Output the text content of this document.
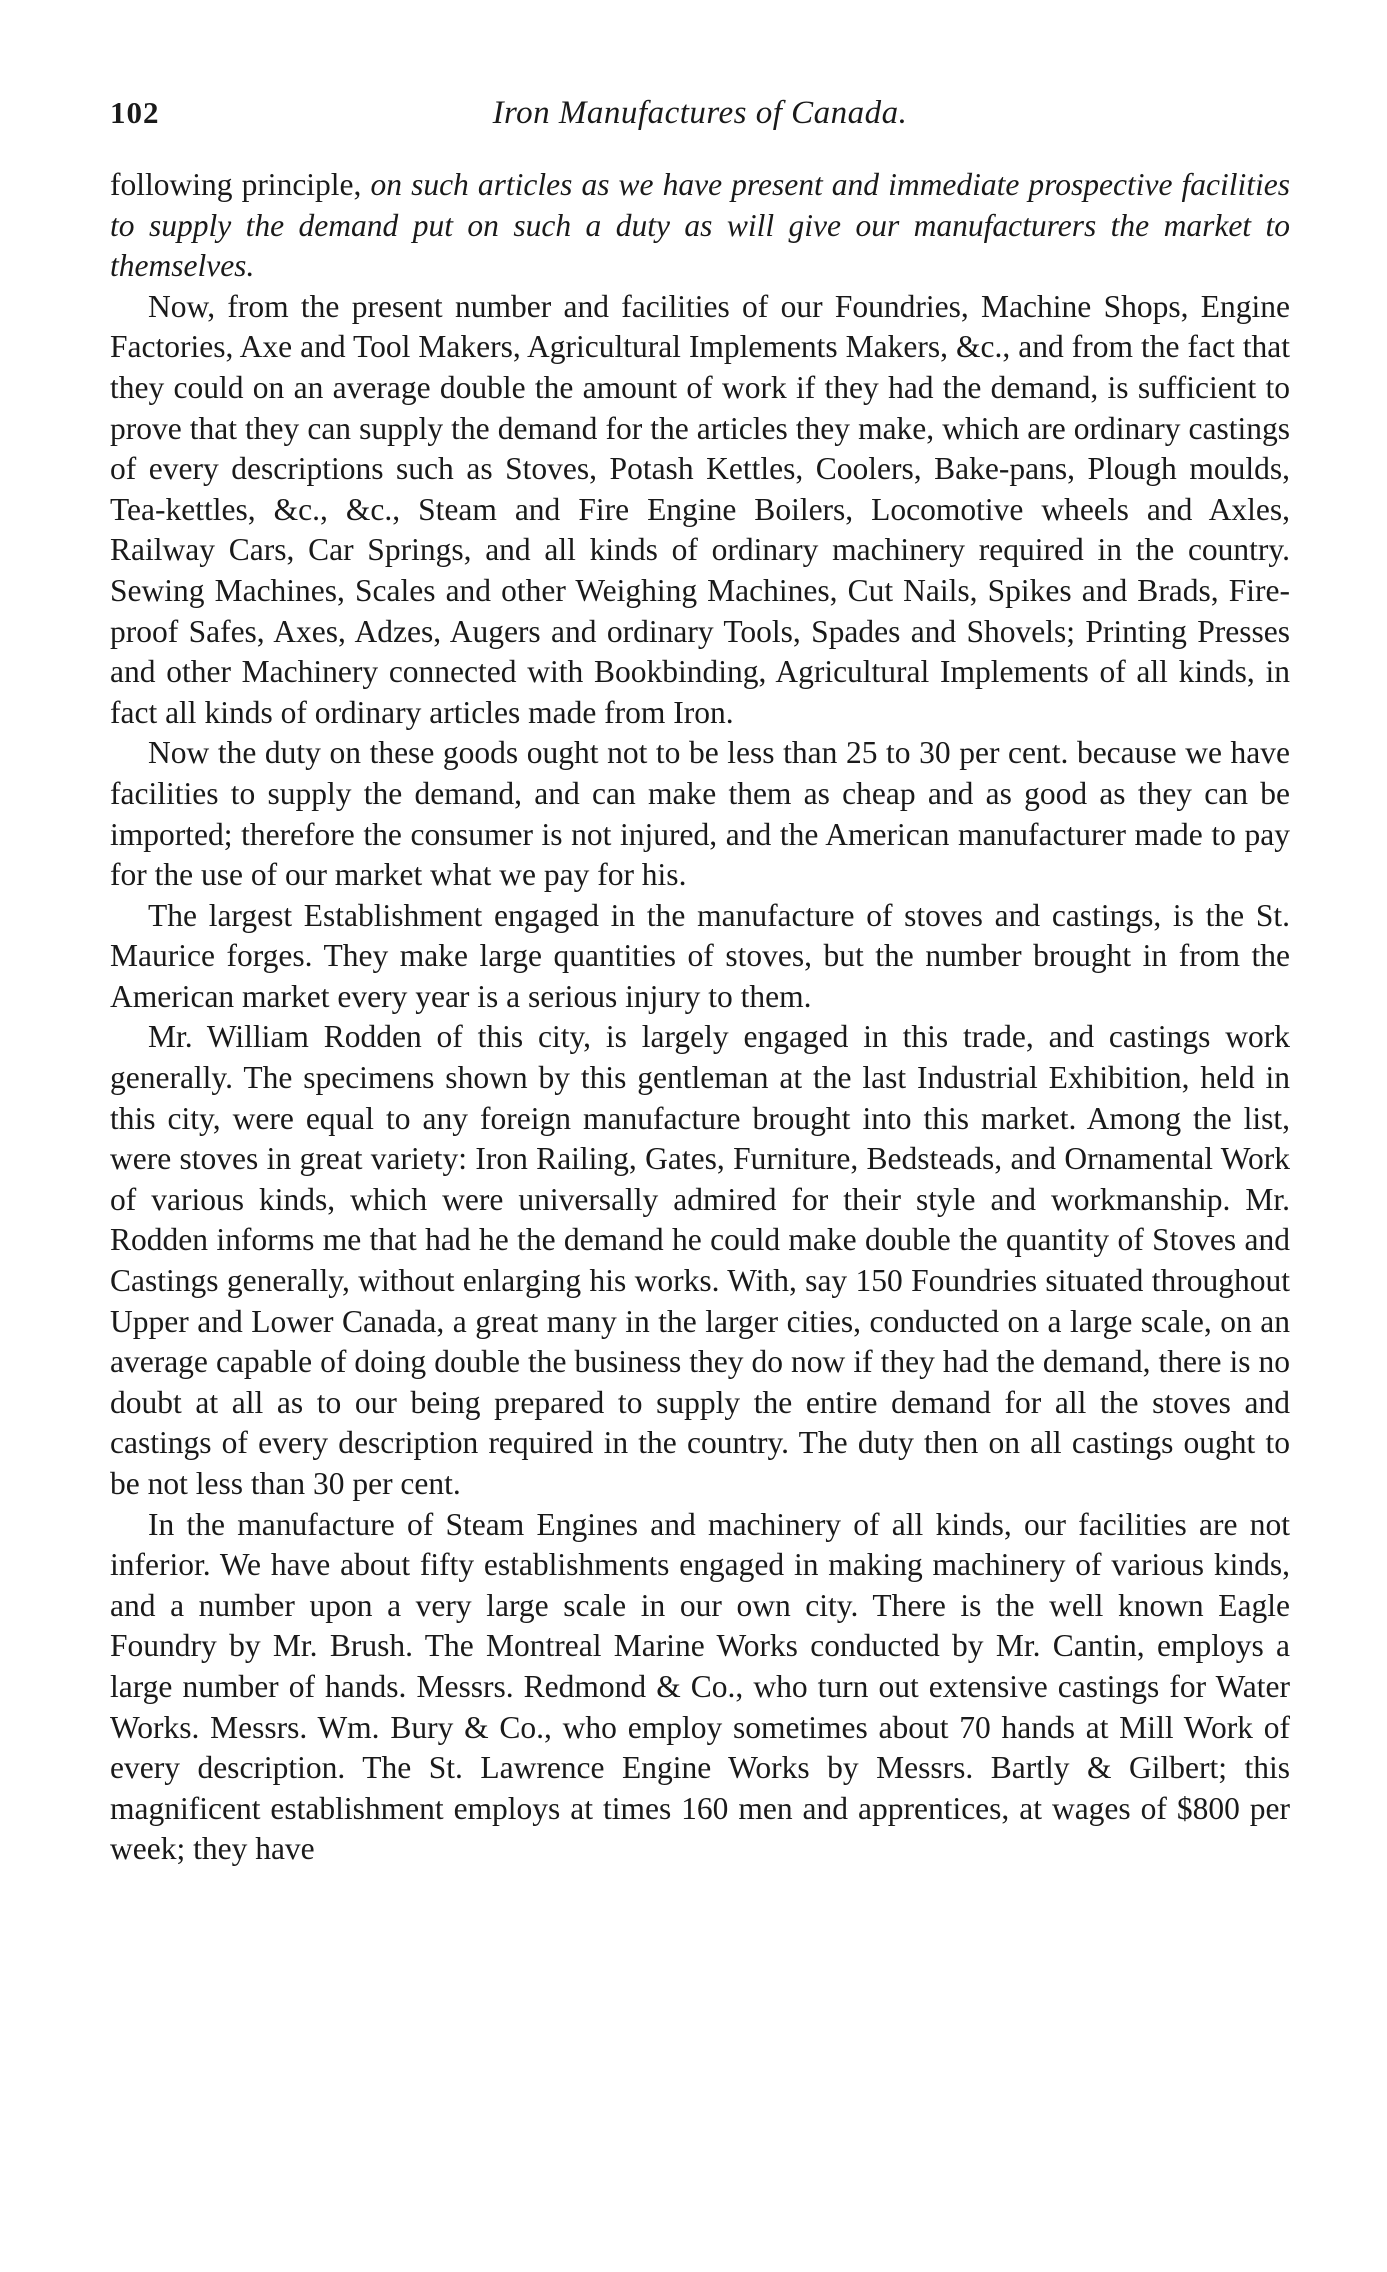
102	Iron Manufactures of Canada.

following principle, on such articles as we have present and immediate prospective facilities to supply the demand put on such a duty as will give our manufacturers the market to themselves.

Now, from the present number and facilities of our Foundries, Machine Shops, Engine Factories, Axe and Tool Makers, Agricultural Implements Makers, &c., and from the fact that they could on an average double the amount of work if they had the demand, is sufficient to prove that they can supply the demand for the articles they make, which are ordinary castings of every descriptions such as Stoves, Potash Kettles, Coolers, Bake-pans, Plough moulds, Tea-kettles, &c., &c., Steam and Fire Engine Boilers, Locomotive wheels and Axles, Railway Cars, Car Springs, and all kinds of ordinary machinery required in the country. Sewing Machines, Scales and other Weighing Machines, Cut Nails, Spikes and Brads, Fire-proof Safes, Axes, Adzes, Augers and ordinary Tools, Spades and Shovels; Printing Presses and other Machinery connected with Bookbinding, Agricultural Implements of all kinds, in fact all kinds of ordinary articles made from Iron.

Now the duty on these goods ought not to be less than 25 to 30 per cent. because we have facilities to supply the demand, and can make them as cheap and as good as they can be imported; therefore the consumer is not injured, and the American manufacturer made to pay for the use of our market what we pay for his.

The largest Establishment engaged in the manufacture of stoves and castings, is the St. Maurice forges. They make large quantities of stoves, but the number brought in from the American market every year is a serious injury to them.

Mr. William Rodden of this city, is largely engaged in this trade, and castings work generally. The specimens shown by this gentleman at the last Industrial Exhibition, held in this city, were equal to any foreign manufacture brought into this market. Among the list, were stoves in great variety: Iron Railing, Gates, Furniture, Bedsteads, and Ornamental Work of various kinds, which were universally admired for their style and workmanship. Mr. Rodden informs me that had he the demand he could make double the quantity of Stoves and Castings generally, without enlarging his works. With, say 150 Foundries situated throughout Upper and Lower Canada, a great many in the larger cities, conducted on a large scale, on an average capable of doing double the business they do now if they had the demand, there is no doubt at all as to our being prepared to supply the entire demand for all the stoves and castings of every description required in the country. The duty then on all castings ought to be not less than 30 per cent.

In the manufacture of Steam Engines and machinery of all kinds, our facilities are not inferior. We have about fifty establishments engaged in making machinery of various kinds, and a number upon a very large scale in our own city. There is the well known Eagle Foundry by Mr. Brush. The Montreal Marine Works conducted by Mr. Cantin, employs a large number of hands. Messrs. Redmond & Co., who turn out extensive castings for Water Works. Messrs. Wm. Bury & Co., who employ sometimes about 70 hands at Mill Work of every description. The St. Lawrence Engine Works by Messrs. Bartly & Gilbert; this magnificent establishment employs at times 160 men and apprentices, at wages of $800 per week; they have
